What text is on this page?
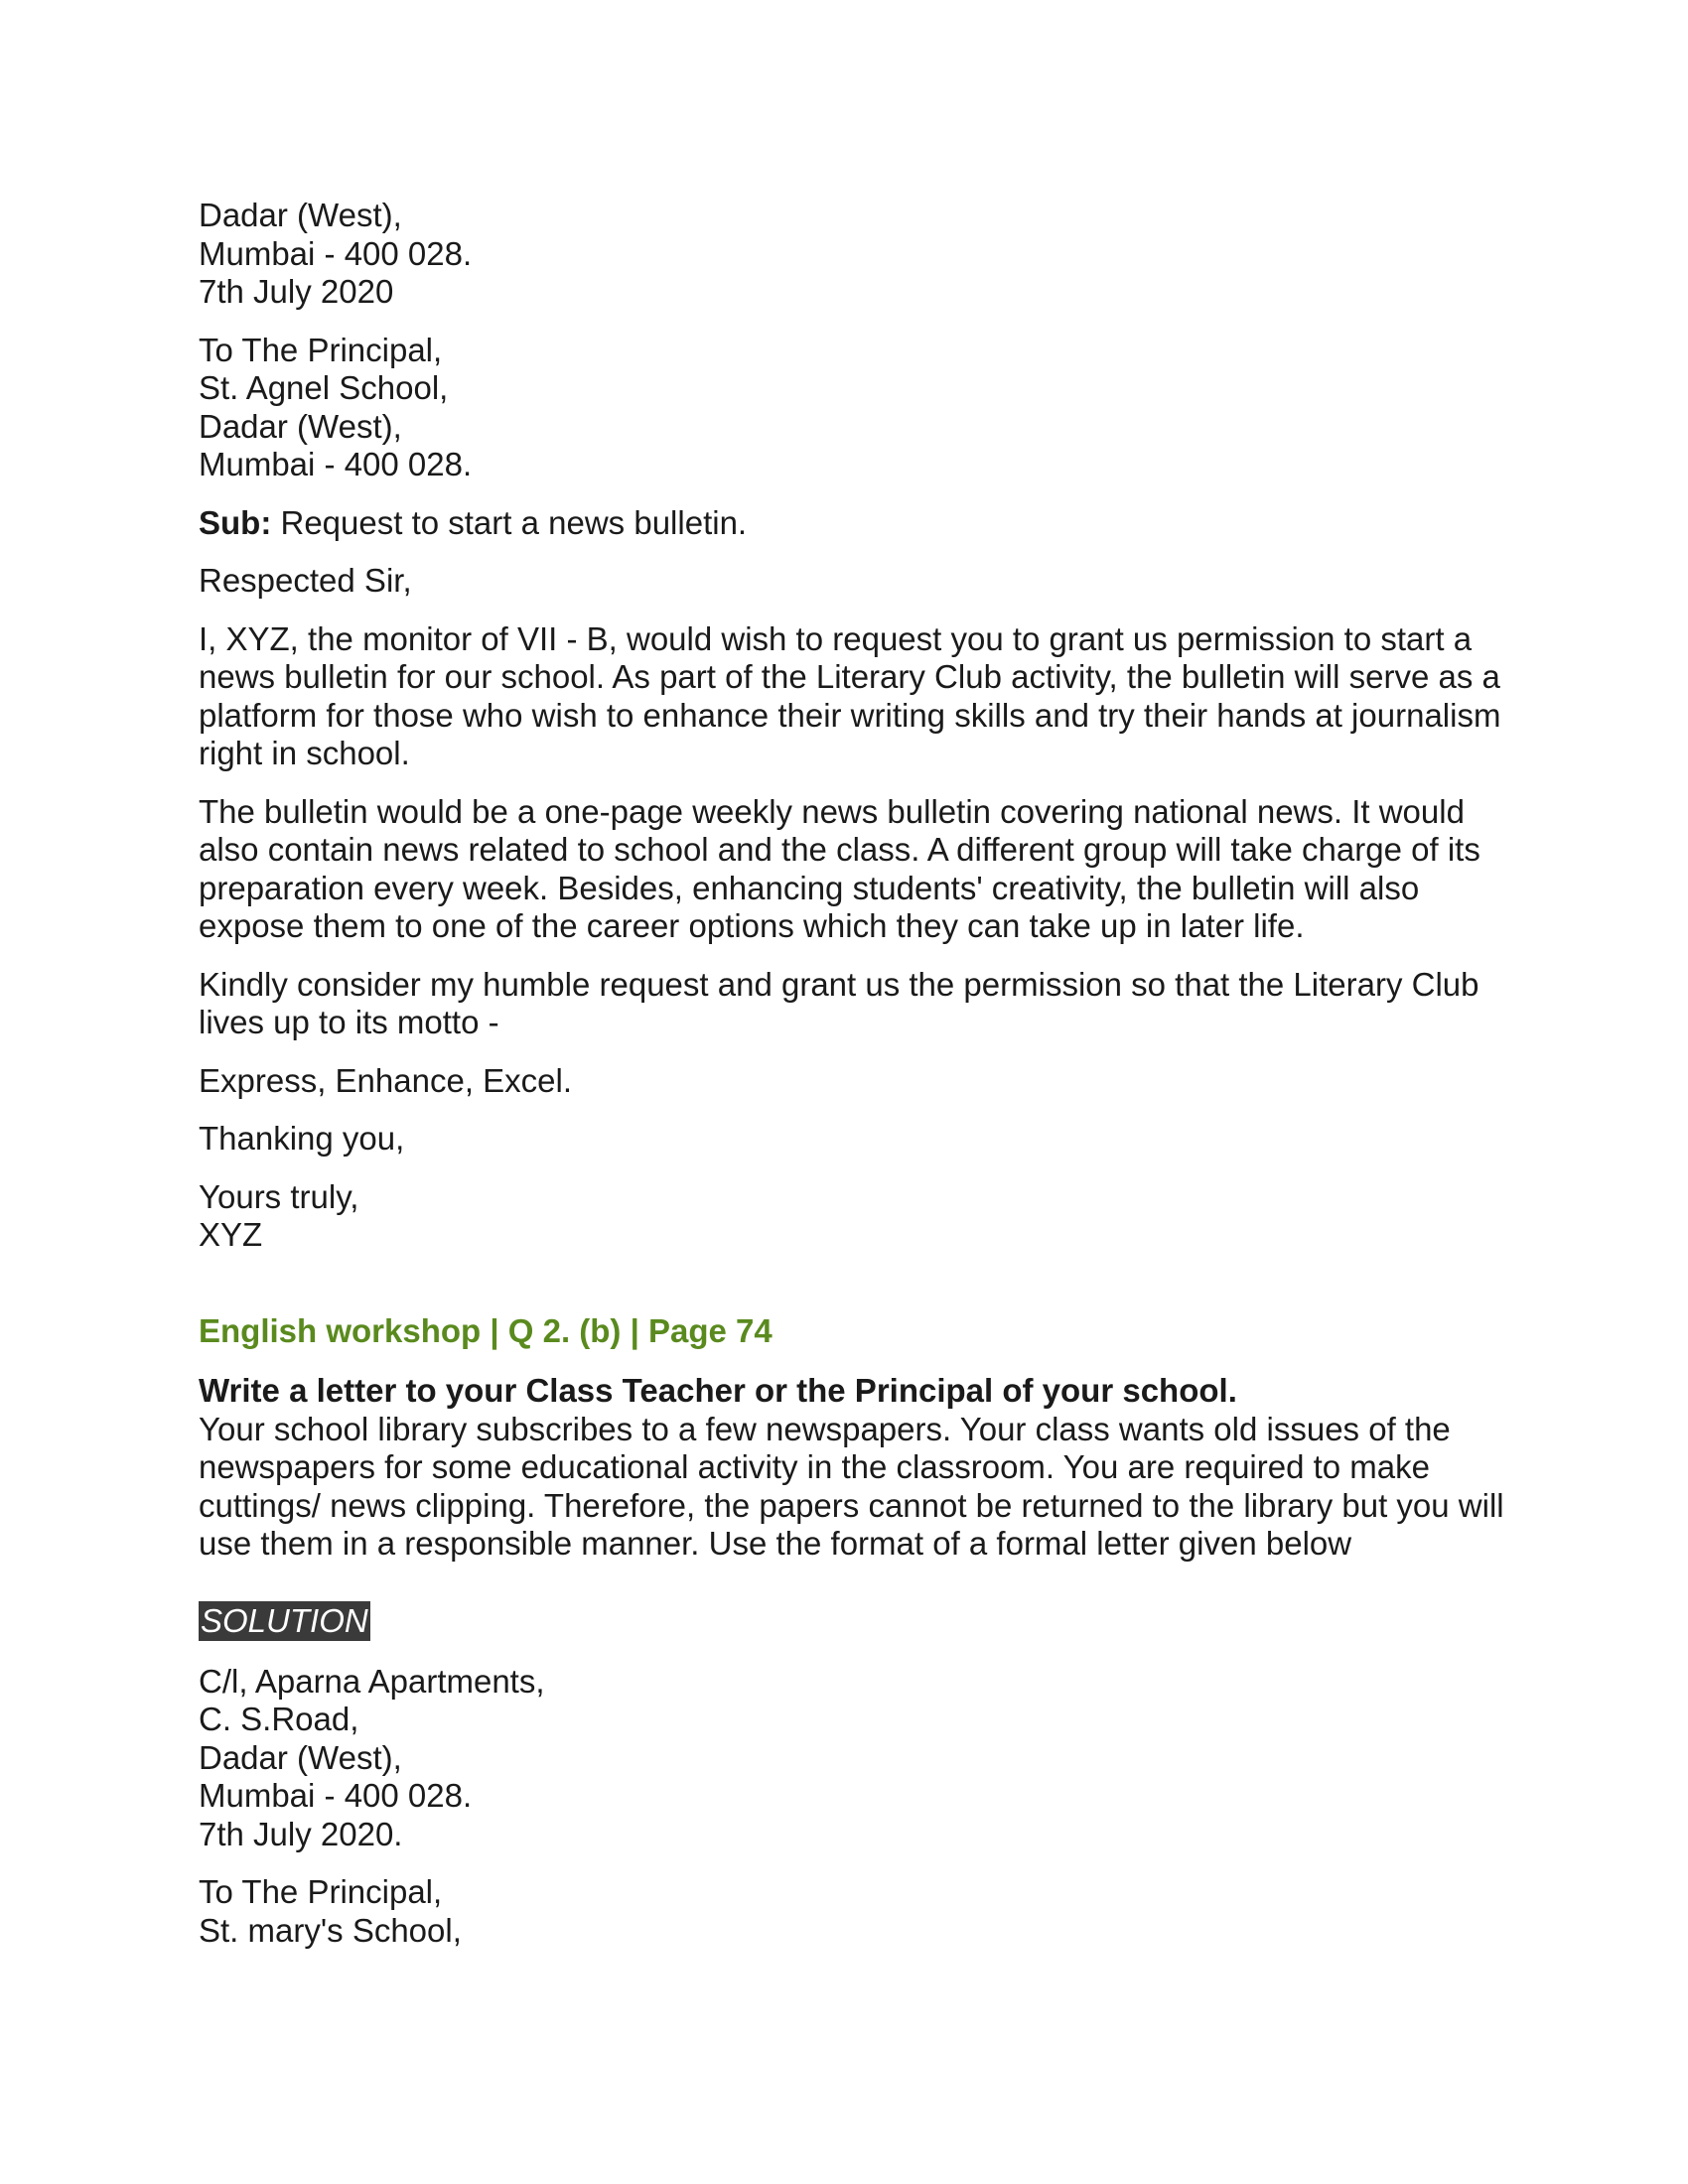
Dadar (West),
Mumbai - 400 028.
7th July 2020
To The Principal,
St. Agnel School,
Dadar (West),
Mumbai - 400 028.

Sub: Request to start a news bulletin.

Respected Sir,

I, XYZ, the monitor of VII - B, would wish to request you to grant us permission to start a news bulletin for our school. As part of the Literary Club activity, the bulletin will serve as a platform for those who wish to enhance their writing skills and try their hands at journalism right in school.

The bulletin would be a one-page weekly news bulletin covering national news. It would also contain news related to school and the class. A different group will take charge of its preparation every week. Besides, enhancing students' creativity, the bulletin will also expose them to one of the career options which they can take up in later life.

Kindly consider my humble request and grant us the permission so that the Literary Club lives up to its motto -

Express, Enhance, Excel.

Thanking you,

Yours truly,
XYZ
English workshop | Q 2. (b) | Page 74
Write a letter to your Class Teacher or the Principal of your school.
Your school library subscribes to a few newspapers. Your class wants old issues of the newspapers for some educational activity in the classroom. You are required to make cuttings/ news clipping. Therefore, the papers cannot be returned to the library but you will use them in a responsible manner. Use the format of a formal letter given below
SOLUTION
C/l, Aparna Apartments,
C. S.Road,
Dadar (West),
Mumbai - 400 028.
7th July 2020.
To The Principal,
St. mary's School,
